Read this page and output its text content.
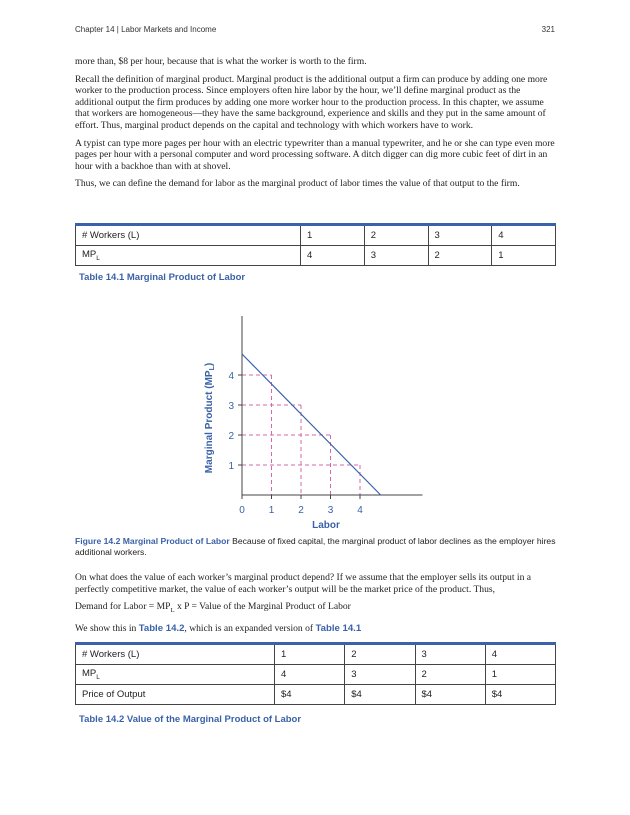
Chapter 14 | Labor Markets and Income	321

more than, $8 per hour, because that is what the worker is worth to the firm.

Recall the definition of marginal product. Marginal product is the additional output a firm can produce by adding one more worker to the production process. Since employers often hire labor by the hour, we’ll define marginal product as the additional output the firm produces by adding one more worker hour to the production process. In this chapter, we assume that workers are homogeneous—they have the same background, experience and skills and they put in the same amount of effort. Thus, marginal product depends on the capital and technology with which workers have to work.

A typist can type more pages per hour with an electric typewriter than a manual typewriter, and he or she can type even more pages per hour with a personal computer and word processing software. A ditch digger can dig more cubic feet of dirt in an hour with a backhoe than with at shovel.

Thus, we can define the demand for labor as the marginal product of labor times the value of that output to the firm.

# Workers (L)	1	2	3	4
$MP_L$	4	3	2	1
Table 14.1 Marginal Product of Labor
0 1 2 3 4
1
2
3
4
Labor
Marginal Product $(MP_L)$
Figure 14.2 Marginal Product of Labor Because of fixed capital, the marginal product of labor declines as the employer hires additional workers.

On what does the value of each worker’s marginal product depend? If we assume that the employer sells its output in a perfectly competitive market, the value of each worker’s output will be the market price of the product. Thus,

Demand for Labor = $MP_L$ x P = Value of the Marginal Product of Labor

We show this in Table 14.2, which is an expanded version of Table 14.1

# Workers (L)	1	2	3	4
$MP_L$	4	3	2	1
Price of Output	$4	$4	$4	$4
Table 14.2 Value of the Marginal Product of Labor
